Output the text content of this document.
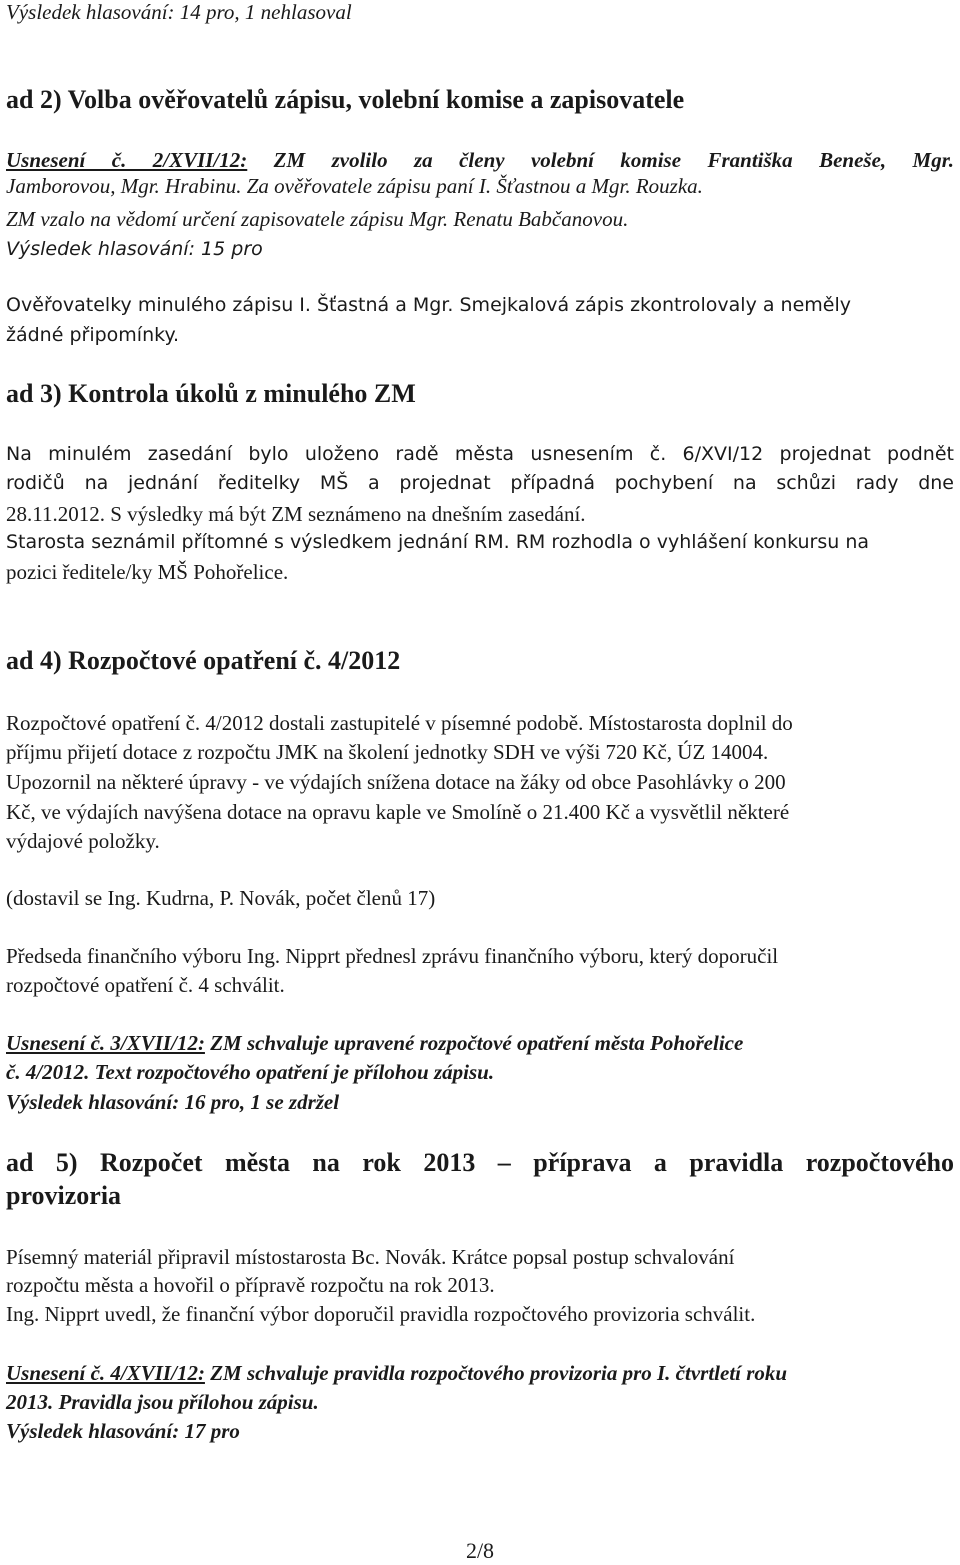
Výsledek hlasování: 14 pro, 1 nehlasoval
ad 2) Volba ověřovatelů zápisu, volební komise a zapisovatele
Usnesení č. 2/XVII/12: ZM zvolilo za členy volební komise Františka Beneše, Mgr.
Jamborovou, Mgr. Hrabinu. Za ověřovatele zápisu paní I. Šťastnou a Mgr. Rouzka.
ZM vzalo na vědomí určení zapisovatele zápisu Mgr. Renatu Babčanovou.
Výsledek hlasování: 15 pro
Ověřovatelky minulého zápisu I. Šťastná a Mgr. Smejkalová zápis zkontrolovaly a neměly
žádné připomínky.
ad 3) Kontrola úkolů z minulého ZM
Na minulém zasedání bylo uloženo radě města usnesením č. 6/XVI/12 projednat podnět
rodičů na jednání ředitelky MŠ a projednat případná pochybení na schůzi rady dne
28.11.2012. S výsledky má být ZM seznámeno na dnešním zasedání.
Starosta seznámil přítomné s výsledkem jednání RM. RM rozhodla o vyhlášení konkursu na
pozici ředitele/ky MŠ Pohořelice.
ad 4) Rozpočtové opatření č. 4/2012
Rozpočtové opatření č. 4/2012 dostali zastupitelé v písemné podobě. Místostarosta doplnil do
příjmu přijetí dotace z rozpočtu JMK na školení jednotky SDH ve výši 720 Kč, ÚZ 14004.
Upozornil na některé úpravy - ve výdajích snížena dotace na žáky od obce Pasohlávky o 200
Kč, ve výdajích navýšena dotace na opravu kaple ve Smolíně o 21.400 Kč a vysvětlil některé
výdajové položky.
(dostavil se Ing. Kudrna, P. Novák, počet členů 17)
Předseda finančního výboru Ing. Nipprt přednesl zprávu finančního výboru, který doporučil
rozpočtové opatření č. 4 schválit.
Usnesení č. 3/XVII/12: ZM schvaluje upravené rozpočtové opatření města Pohořelice
č. 4/2012. Text rozpočtového opatření je přílohou zápisu.
Výsledek hlasování: 16 pro, 1 se zdržel
ad 5) Rozpočet města na rok 2013 – příprava a pravidla rozpočtového
provizoria
Písemný materiál připravil místostarosta Bc. Novák. Krátce popsal postup schvalování
rozpočtu města a hovořil o přípravě rozpočtu na rok 2013.
Ing. Nipprt uvedl, že finanční výbor doporučil pravidla rozpočtového provizoria schválit.
Usnesení č. 4/XVII/12: ZM schvaluje pravidla rozpočtového provizoria pro I. čtvrtletí roku
2013. Pravidla jsou přílohou zápisu.
Výsledek hlasování: 17 pro
2/8
